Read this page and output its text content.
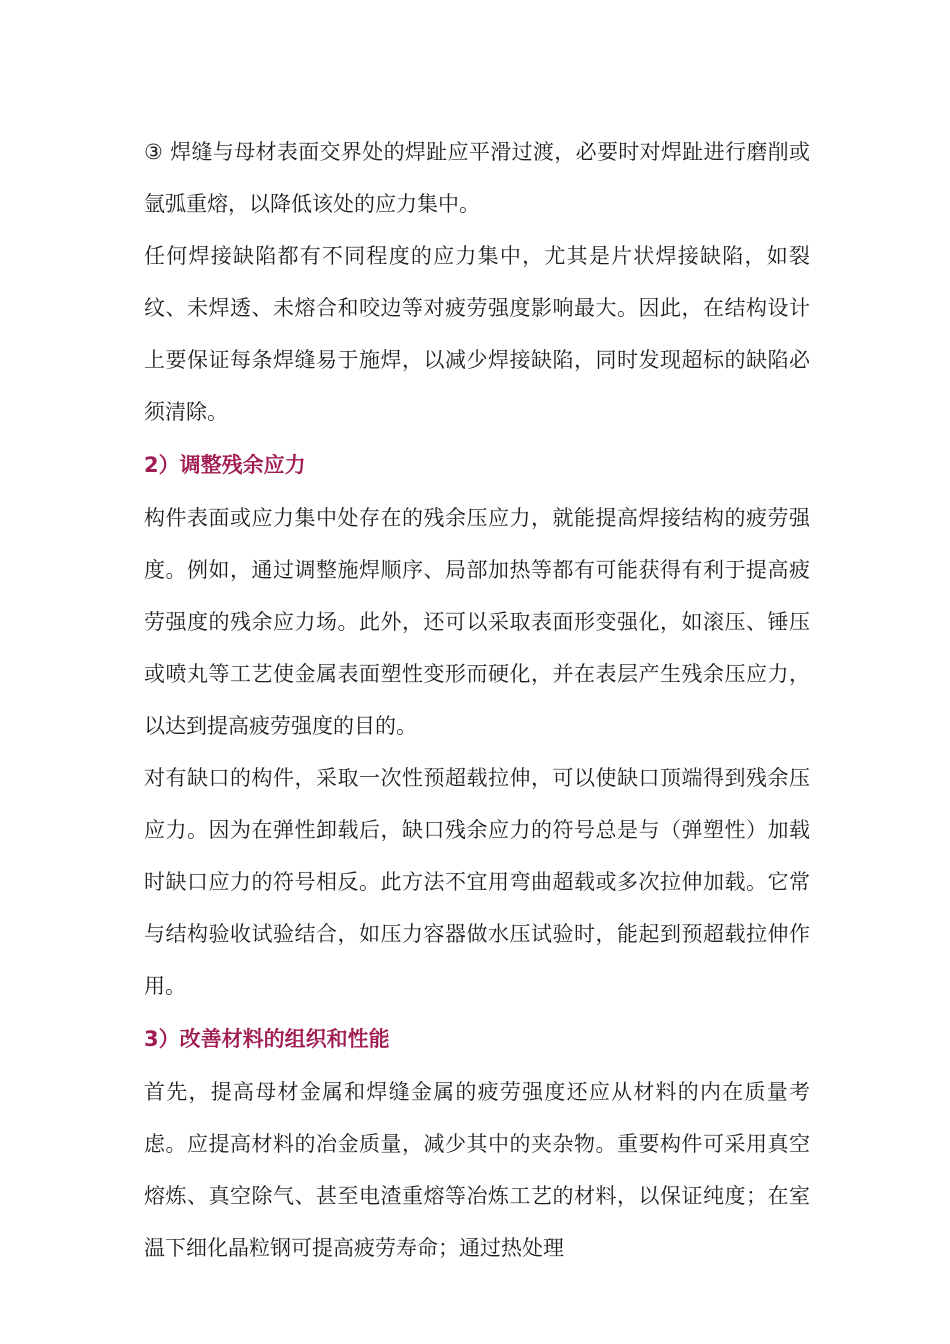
③ 焊缝与母材表面交界处的焊趾应平滑过渡，必要时对焊趾进行磨削或氩弧重熔，以降低该处的应力集中。

任何焊接缺陷都有不同程度的应力集中，尤其是片状焊接缺陷，如裂纹、未焊透、未熔合和咬边等对疲劳强度影响最大。因此，在结构设计上要保证每条焊缝易于施焊，以减少焊接缺陷，同时发现超标的缺陷必须清除。

2）调整残余应力

构件表面或应力集中处存在的残余压应力，就能提高焊接结构的疲劳强度。例如，通过调整施焊顺序、局部加热等都有可能获得有利于提高疲劳强度的残余应力场。此外，还可以采取表面形变强化，如滚压、锤压或喷丸等工艺使金属表面塑性变形而硬化，并在表层产生残余压应力，以达到提高疲劳强度的目的。

对有缺口的构件，采取一次性预超载拉伸，可以使缺口顶端得到残余压应力。因为在弹性卸载后，缺口残余应力的符号总是与（弹塑性）加载时缺口应力的符号相反。此方法不宜用弯曲超载或多次拉伸加载。它常与结构验收试验结合，如压力容器做水压试验时，能起到预超载拉伸作用。

3）改善材料的组织和性能

首先，提高母材金属和焊缝金属的疲劳强度还应从材料的内在质量考虑。应提高材料的冶金质量，减少其中的夹杂物。重要构件可采用真空熔炼、真空除气、甚至电渣重熔等冶炼工艺的材料，以保证纯度；在室温下细化晶粒钢可提高疲劳寿命；通过热处理
